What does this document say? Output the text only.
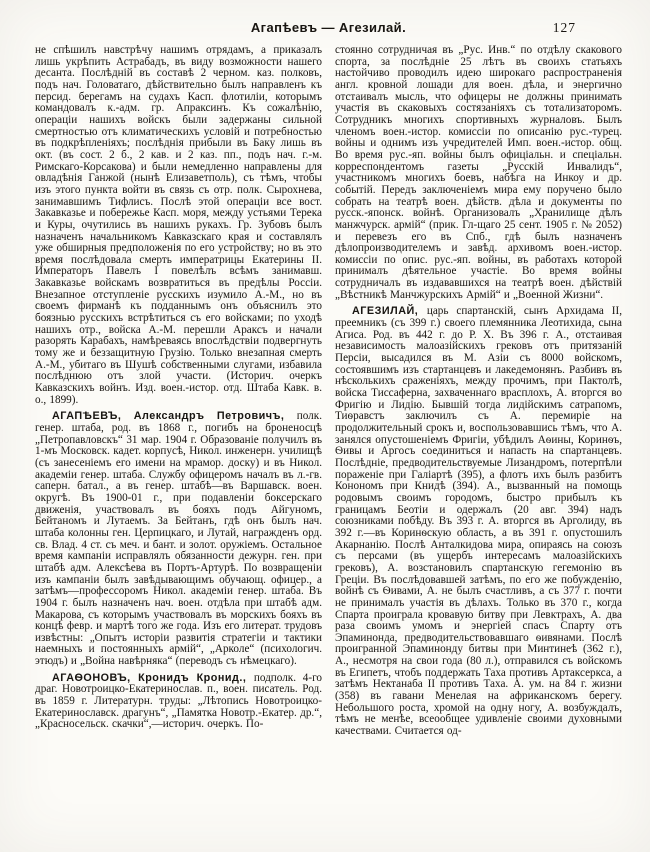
Агапѣевъ — Агезилай.	127

не спѣшилъ навстрѣчу нашимъ отрядамъ, а приказалъ лишь укрѣпить Астрабадъ, въ виду возможности нашего десанта. Послѣдній въ составѣ 2 черном. каз. полковъ, подъ нач. Головатаго, дѣйствительно былъ направленъ къ персид. берегамъ на судахъ Касп. флотиліи, которымъ командовалъ к.-адм. гр. Апраксинъ. Къ сожалѣнію, операціи нашихъ войскъ были задержаны сильной смертностью отъ климатическихъ условій и потребностью въ подкрѣпленіяхъ; послѣднія прибыли въ Баку лишь въ окт. (въ сост. 2 б., 2 кав. и 2 каз. пп., подъ нач. г.-м. Римскаго-Корсакова) и были немедленно направлены для овладѣнія Ганжой (нынѣ Елизаветполь), съ тѣмъ, чтобы изъ этого пункта войти въ связь съ отр. полк. Сырохнева, занимавшимъ Тифлисъ. Послѣ этой операціи все вост. Закавказье и побережье Касп. моря, между устьями Терека и Куры, очутились въ нашихъ рукахъ. Гр. Зубовъ былъ назначенъ начальникомъ Кавказскаго края и составлялъ уже обширныя предположенія по его устройству; но въ это время послѣдовала смерть императрицы Екатерины II. Императоръ Павелъ I повелѣлъ всѣмъ занимавш. Закавказье войскамъ возвратиться въ предѣлы Россіи. Внезапное отступленіе русскихъ изумило А.-М., но въ своемъ фирманѣ къ подданнымъ онъ объяснилъ это боязнью русскихъ встрѣтиться съ его войсками; по уходѣ нашихъ отр., войска А.-М. перешли Араксъ и начали разорять Карабахъ, намѣреваясь впослѣдствіи подвергнуть тому же и беззащитную Грузію. Только внезапная смерть А.-М., убитаго въ Шушѣ собственными слугами, избавила послѣднюю отъ злой участи. (Историч. очеркъ Кавказскихъ войнъ. Изд. воен.-истор. отд. Штаба Кавк. в. о., 1899).

АГАПѢЕВЪ, Александръ Петровичъ, полк. генер. штаба, род. въ 1868 г., погибъ на броненосцѣ „Петропавловскъ“ 31 мар. 1904 г. Образованіе получилъ въ 1-мъ Московск. кадет. корпусѣ, Никол. инженерн. училищѣ (съ занесеніемъ его имени на мрамор. доску) и въ Никол. академіи генер. штаба. Службу офицеромъ началъ въ л.-гв. саперн. батал., а въ генер. штабѣ—въ Варшавск. воен. округѣ. Въ 1900-01 г., при подавленіи боксерскаго движенія, участвовалъ въ бояхъ подъ Айгуномъ, Бейтаномъ и Лутаемъ. За Бейтанъ, гдѣ онъ былъ нач. штаба колонны ген. Церпицкаго, и Лутай, награжденъ орд. св. Влад. 4 ст. съ меч. и бант. и золот. оружіемъ. Остальное время кампаніи исправлялъ обязанности дежурн. ген. при штабѣ адм. Алексѣева въ Портъ-Артурѣ. По возвращеніи изъ кампаніи былъ завѣдывающимъ обучающ. офицер., а затѣмъ—профессоромъ Никол. академіи генер. штаба. Въ 1904 г. былъ назначенъ нач. воен. отдѣла при штабѣ адм. Макарова, съ которымъ участвовалъ въ морскихъ бояхъ въ концѣ февр. и мартѣ того же года. Изъ его литерат. трудовъ извѣстны: „Опытъ исторіи развитія стратегіи и тактики наемныхъ и постоянныхъ армій“, „Арколе“ (психологич. этюдъ) и „Война навѣрняка“ (переводъ съ нѣмецкаго).

АГАѲОНОВЪ, Кронидъ Кронид., подполк. 4-го драг. Новотроицко-Екатеринослав. п., воен. писатель. Род. въ 1859 г. Литературн. труды: „Лѣтопись Новотроицко-Екатеринославск. драгунъ“, „Памятка Новотр.-Екатер. др.“, „Красносельск. скачки“,—историч. очеркъ. По-

стоянно сотрудничая въ „Рус. Инв.“ по отдѣлу скакового спорта, за послѣдніе 25 лѣтъ въ своихъ статьяхъ настойчиво проводилъ идею широкаго распространенія англ. кровной лошади для воен. дѣла, и энергично отстаивалъ мысль, что офицеры не должны принимать участія въ скаковыхъ состязаніяхъ съ тотализаторомъ. Сотрудникъ многихъ спортивныхъ журналовъ. Былъ членомъ воен.-истор. комиссіи по описанію рус.-турец. войны и однимъ изъ учредителей Имп. воен.-истор. общ. Во время рус.-яп. войны былъ офиціальн. и спеціальн. корреспондентомъ газеты „Русскій Инвалидъ“, участникомъ многихъ боевъ, набѣга на Инкоу и др. событій. Передъ заключеніемъ мира ему поручено было собрать на театрѣ воен. дѣйств. дѣла и документы по русск.-японск. войнѣ. Организовалъ „Хранилище дѣлъ манжчурск. армій“ (прик. Гл-щаго 25 сент. 1905 г. № 2052) и перевезъ его въ Спб., гдѣ былъ назначенъ дѣлопроизводителемъ и завѣд. архивомъ воен.-истор. комиссіи по опис. рус.-яп. войны, въ работахъ которой принималъ дѣятельное участіе. Во время войны сотрудничалъ въ издававшихся на театрѣ воен. дѣйствій „Вѣстникѣ Манчжурскихъ Армій“ и „Военной Жизни“.

АГЕЗИЛАЙ, царь спартанскій, сынъ Архидама II, преемникъ (съ 399 г.) своего племянника Леотихида, сына Агиса. Род. въ 442 г. до Р. Х. Въ 396 г. А., отстаивая независимость малоазійскихъ грековъ отъ притязаній Персіи, высадился въ М. Азіи съ 8000 войскомъ, состоявшимъ изъ стартанцевъ и лакедемонянъ. Разбивъ въ нѣсколькихъ сраженіяхъ, между прочимъ, при Пактолѣ, войска Тиссаферна, захваченнаго врасплохъ, А. вторгся во Фригію и Лидію. Бывшій тогда лидійскимъ сатрапомъ, Тиѳравстъ заключилъ съ А. перемиріе на продолжительный срокъ и, воспользовавшись тѣмъ, что А. занялся опустошеніемъ Фригіи, убѣдилъ Аѳины, Коринѳъ, Ѳивы и Аргосъ соединиться и напасть на спартанцевъ. Послѣдніе, предводительствуемые Лизандромъ, потерпѣли пораженіе при Галіартѣ (395), а флотъ ихъ былъ разбитъ Конономъ при Книдѣ (394). А., вызванный на помощь родовымъ своимъ городомъ, быстро прибылъ къ границамъ Беотіи и одержалъ (20 авг. 394) надъ союзниками побѣду. Въ 393 г. А. вторгся въ Арголиду, въ 392 г.—въ Коринѳскую область, а въ 391 г. опустошилъ Акарнанію. Послѣ Анталкидова мира, опираясь на союзъ съ персами (въ ущербъ интересамъ малоазійскихъ грековъ), А. возстановилъ спартанскую гегемонію въ Греціи. Въ послѣдовавшей затѣмъ, по его же побужденію, войнѣ съ Ѳивами, А. не былъ счастливъ, а съ 377 г. почти не принималъ участія въ дѣлахъ. Только въ 370 г., когда Спарта проиграла кровавую битву при Левктрахъ, А. два раза своимъ умомъ и энергіей спасъ Спарту отъ Эпаминонда, предводительствовавшаго ѳивянами. Послѣ проигранной Эпаминонду битвы при Минтинеѣ (362 г.), А., несмотря на свои года (80 л.), отправился съ войскомъ въ Египетъ, чтобъ поддержать Таха противъ Артаксеркса, а затѣмъ Нектанаба II противъ Таха. А. ум. на 84 г. жизни (358) въ гавани Менелая на африканскомъ берегу. Небольшого роста, хромой на одну ногу, А. возбуждалъ, тѣмъ не менѣе, всеообщее удивленіе своими духовными качествами. Считается од-
